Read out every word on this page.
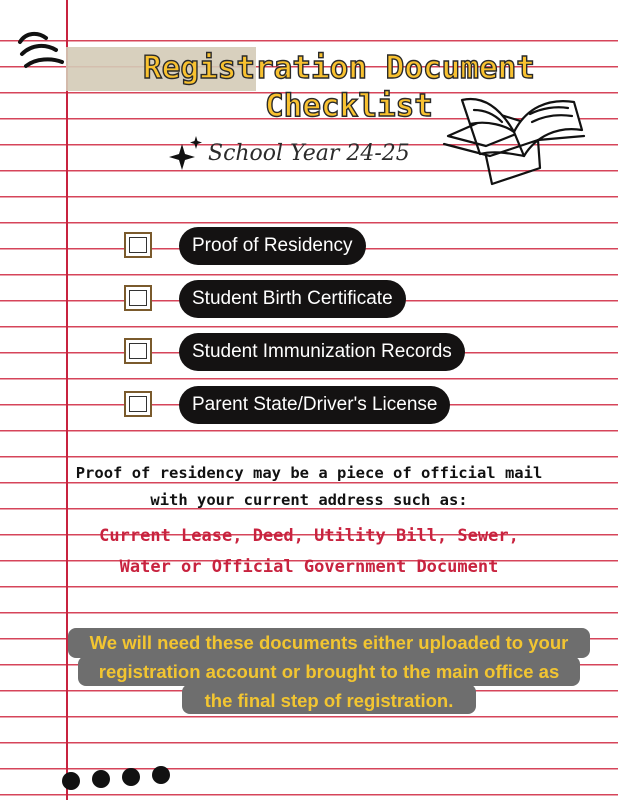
Registration Document
Checklist
School Year 24-25
Proof of Residency
Student Birth Certificate
Student Immunization Records
Parent State/Driver's License
Proof of residency may be a piece of official mail
with your current address such as:
Current Lease, Deed, Utility Bill, Sewer,
Water or Official Government Document
We will need these documents either uploaded to your
registration account or brought to the main office as
the final step of registration.
